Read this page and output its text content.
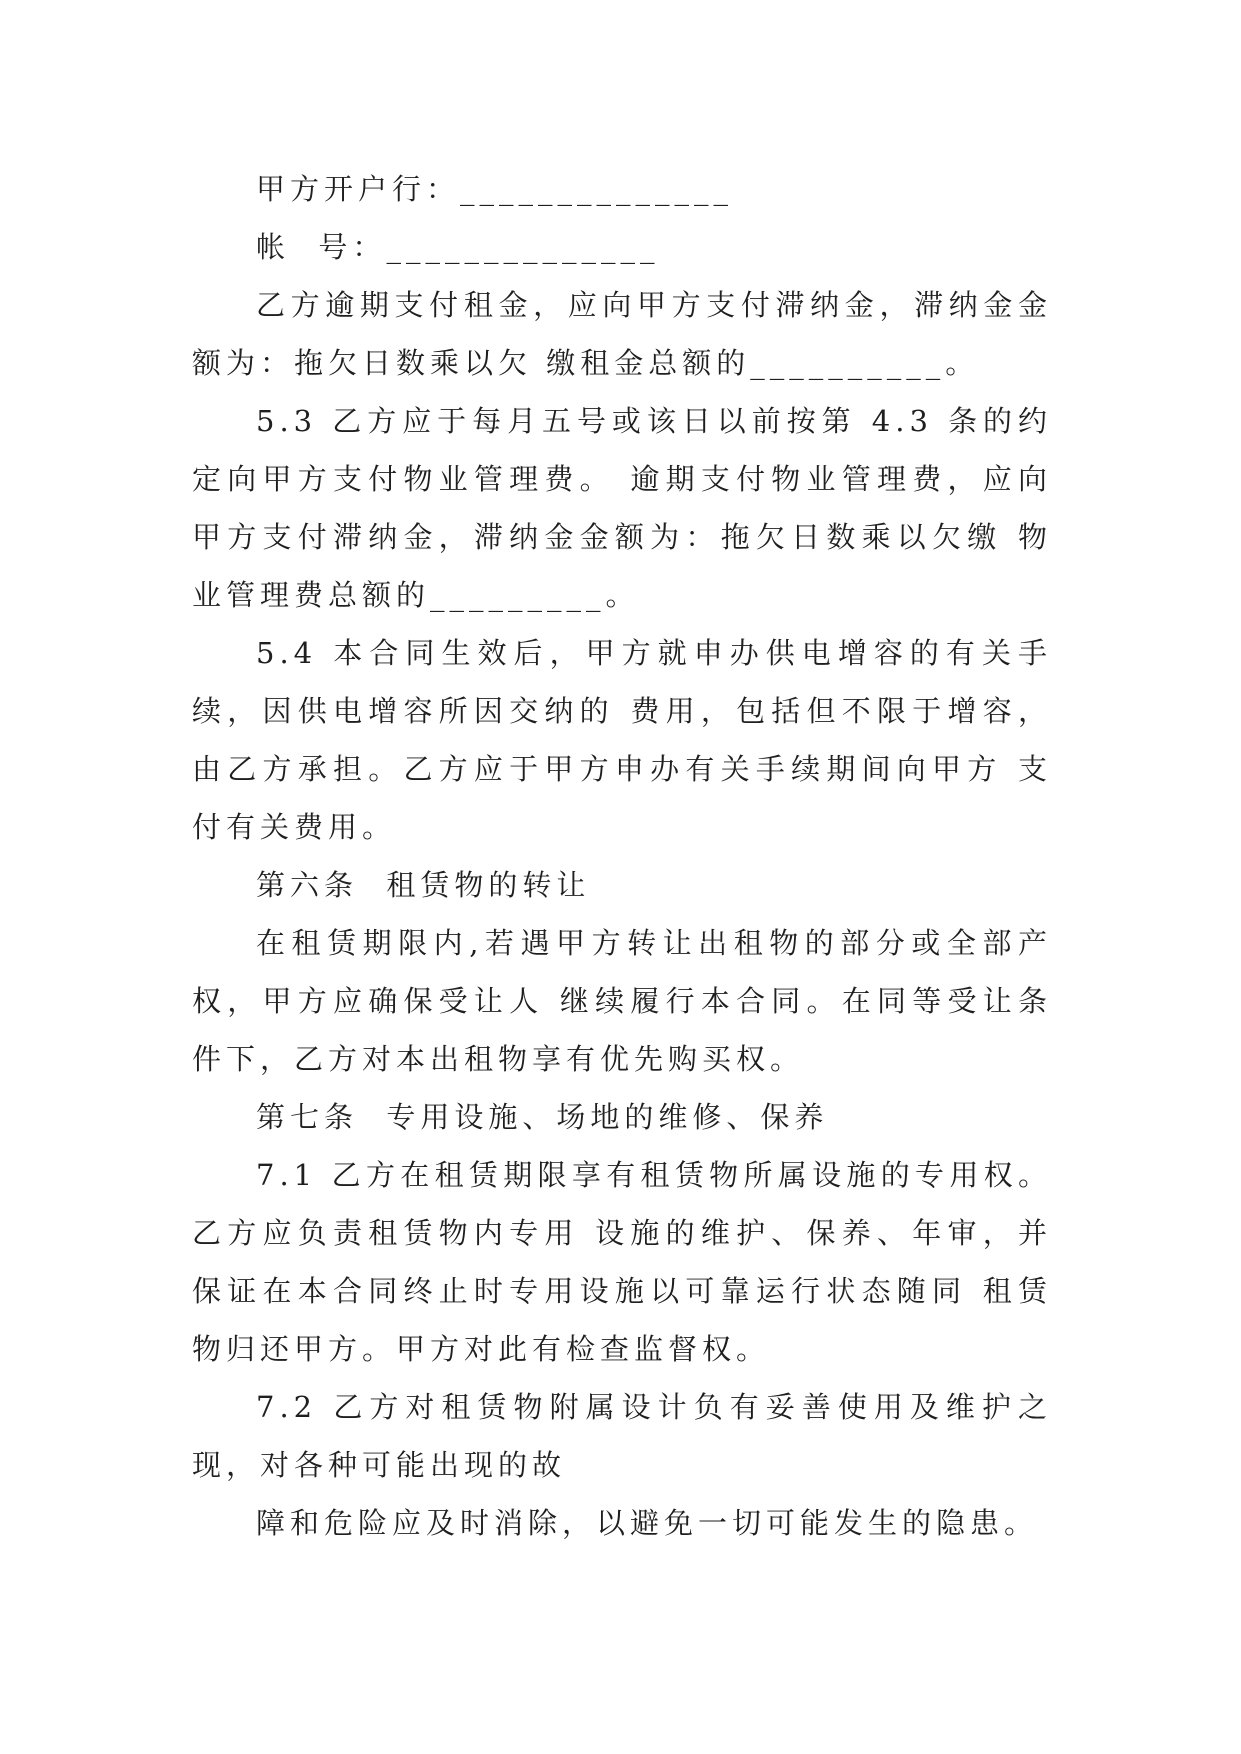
甲方开户行：______________

帐  号：______________

乙方逾期支付租金，应向甲方支付滞纳金，滞纳金金额为：拖欠日数乘以欠 缴租金总额的__________。

5.3 乙方应于每月五号或该日以前按第 4.3 条的约定向甲方支付物业管理费。 逾期支付物业管理费，应向甲方支付滞纳金，滞纳金金额为：拖欠日数乘以欠缴 物业管理费总额的_________。

5.4 本合同生效后，甲方就申办供电增容的有关手续，因供电增容所因交纳的 费用，包括但不限于增容，由乙方承担。乙方应于甲方申办有关手续期间向甲方 支付有关费用。

第六条  租赁物的转让

在租赁期限内,若遇甲方转让出租物的部分或全部产权，甲方应确保受让人 继续履行本合同。在同等受让条件下，乙方对本出租物享有优先购买权。

第七条  专用设施、场地的维修、保养

7.1 乙方在租赁期限享有租赁物所属设施的专用权。乙方应负责租赁物内专用 设施的维护、保养、年审，并保证在本合同终止时专用设施以可靠运行状态随同 租赁物归还甲方。甲方对此有检查监督权。

7.2 乙方对租赁物附属设计负有妥善使用及维护之现，对各种可能出现的故

障和危险应及时消除，以避免一切可能发生的隐患。
